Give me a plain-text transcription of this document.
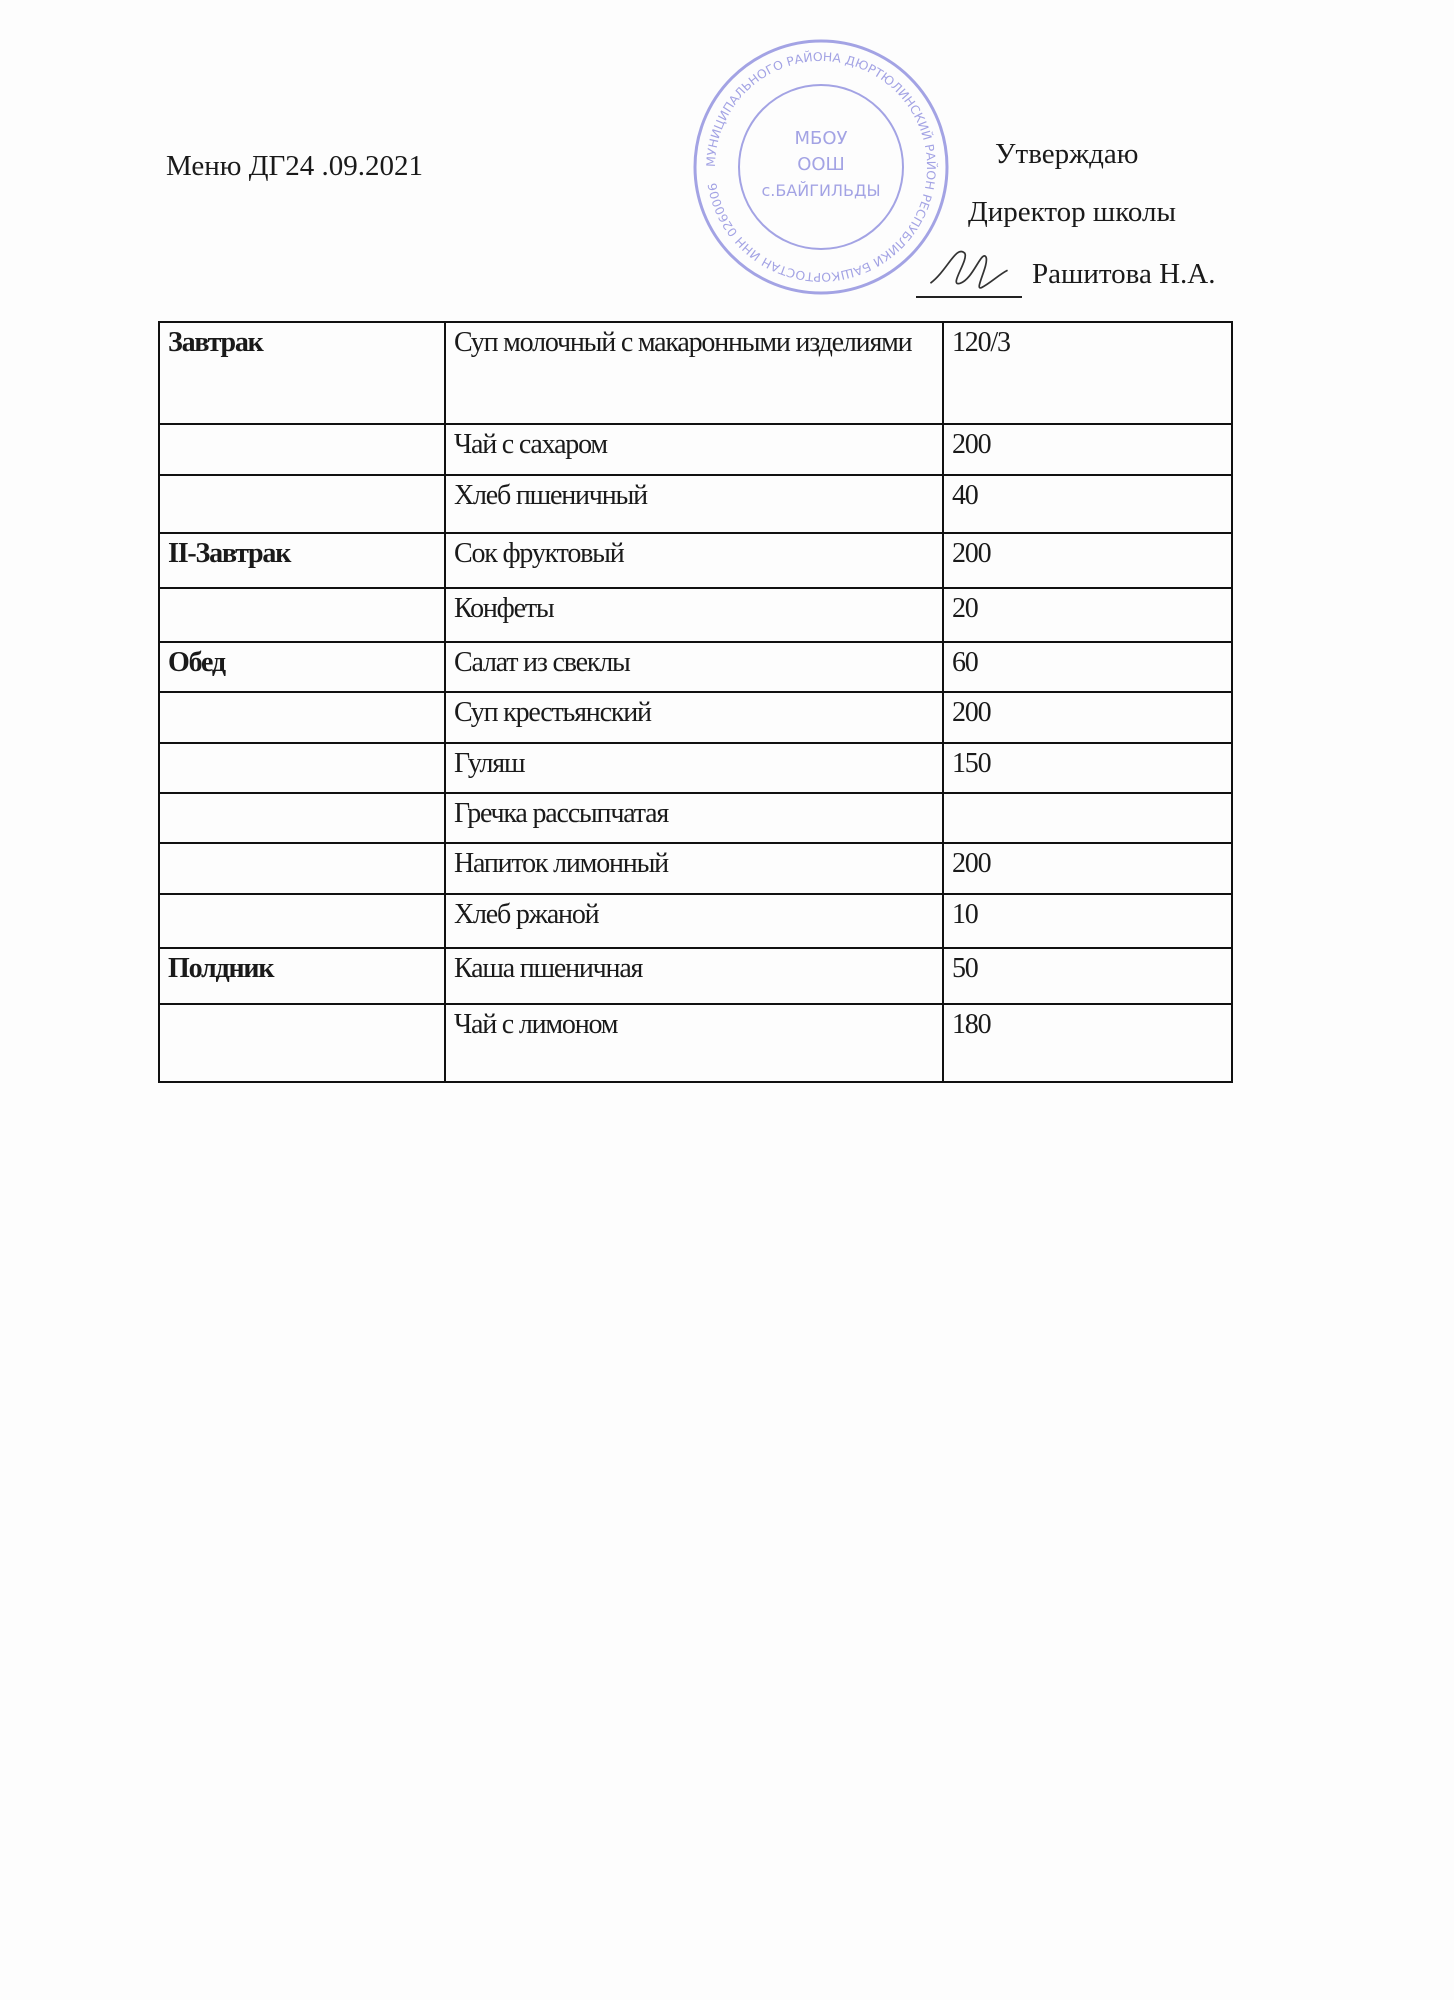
Меню ДГ24 .09.2021	МУНИЦИПАЛЬНОГО РАЙОНА ДЮРТЮЛИНСКИЙ РАЙОН РЕСПУБЛИКИ БАШКОРТОСТАН ИНН 0260006
МБОУ
ООШ
с.БАЙГИЛЬДЫ
Утверждаю
Директор школы
Рашитова Н.А.
Завтрак	Суп молочный с макаронными изделиями	120/3
	Чай с сахаром	200
	Хлеб пшеничный	40
II-Завтрак	Сок фруктовый	200
	Конфеты	20
Обед	Салат из свеклы	60
	Суп крестьянский	200
	Гуляш	150
	Гречка рассыпчатая	
	Напиток лимонный	200
	Хлеб ржаной	10
Полдник	Каша пшеничная	50
	Чай с лимоном	180
